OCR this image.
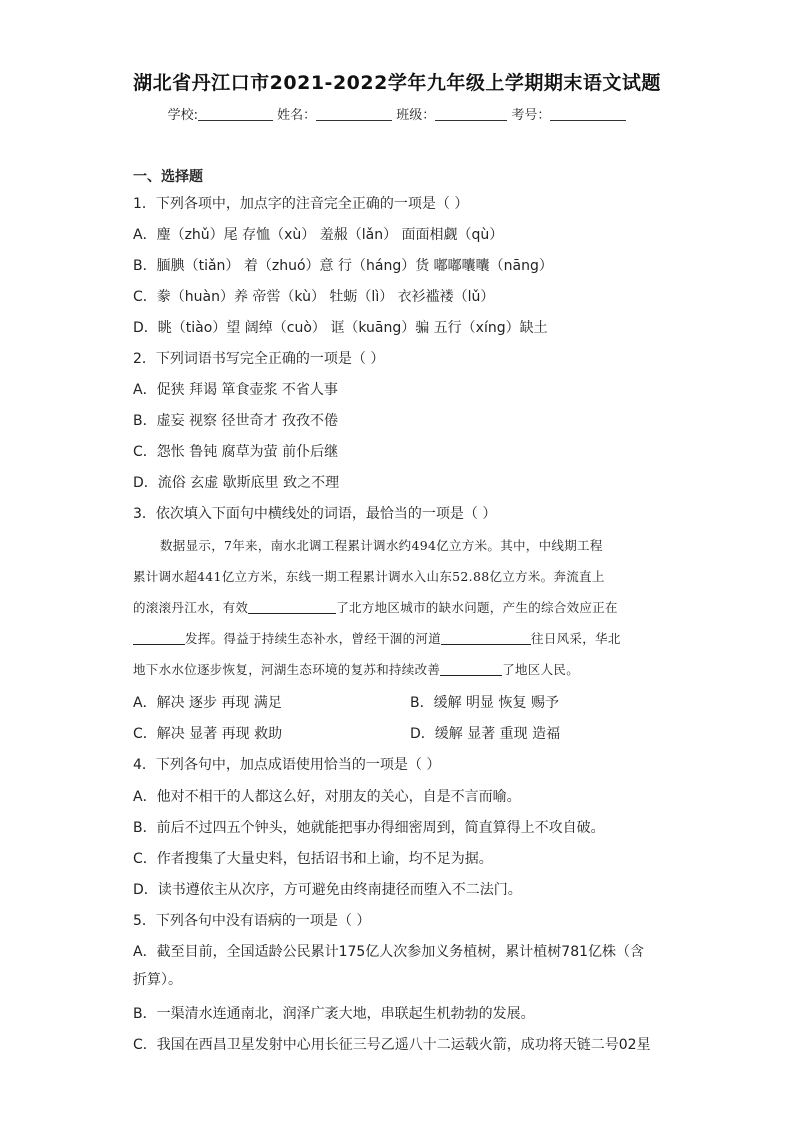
湖北省丹江口市2021-2022学年九年级上学期期末语文试题
学校:	姓名：	班级：	考号：
一、选择题
1．下列各项中，加点字的注音完全正确的一项是（ ）
A．麈（zhǔ）尾 存恤（xù） 羞赧（lǎn） 面面相觑（qù）
B．腼腆（tiǎn） 着（zhuó）意 行（háng）货 嘟嘟囔囔（nāng）
C．豢（huàn）养 帝喾（kù） 牡蛎（lì） 衣衫褴褛（lǔ）
D．眺（tiào）望 阔绰（cuò） 诓（kuāng）骗 五行（xíng）缺土
2．下列词语书写完全正确的一项是（ ）
A．促狭 拜谒 箪食壶浆 不省人事
B．虚妄 视察 径世奇才 孜孜不倦
C．怨怅 鲁钝 腐草为萤 前仆后继
D．流俗 玄虚 歇斯底里 致之不理
3．依次填入下面句中横线处的词语，最恰当的一项是（ ）
数据显示，7年来，南水北调工程累计调水约494亿立方米。其中，中线期工程
累计调水超441亿立方米，东线一期工程累计调水入山东52.88亿立方米。奔流直上
的滚滚丹江水，有效	了北方地区城市的缺水问题，产生的综合效应正在
发挥。得益于持续生态补水，曾经干涸的河道	往日风采，华北
地下水水位逐步恢复，河湖生态环境的复苏和持续改善	了地区人民。
A．解决 逐步 再现 满足	B．缓解 明显 恢复 赐予
C．解决 显著 再现 救助	D．缓解 显著 重现 造福
4．下列各句中，加点成语使用恰当的一项是（ ）
A．他对不相干的人都这么好，对朋友的关心，自是不言而喻。
B．前后不过四五个钟头，她就能把事办得细密周到，简直算得上不攻自破。
C．作者搜集了大量史料，包括诏书和上谕，均不足为据。
D．读书遵依主从次序，方可避免由终南捷径而堕入不二法门。
5．下列各句中没有语病的一项是（ ）
A．截至目前，全国适龄公民累计175亿人次参加义务植树，累计植树781亿株（含
折算）。
B．一渠清水连通南北，润泽广袤大地，串联起生机勃勃的发展。
C．我国在西昌卫星发射中心用长征三号乙遥八十二运载火箭，成功将天链二号02星
